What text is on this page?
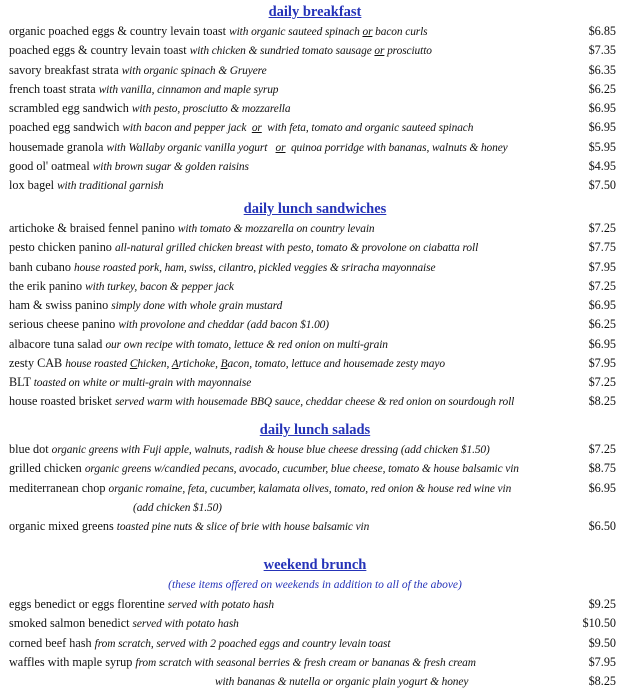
daily breakfast
organic poached eggs & country levain toast with organic sauteed spinach or bacon curls	$6.85
poached eggs & country levain toast with chicken & sundried tomato sausage or prosciutto	$7.35
savory breakfast strata with organic spinach & Gruyere	$6.35
french toast strata with vanilla, cinnamon and maple syrup	$6.25
scrambled egg sandwich with pesto, prosciutto & mozzarella	$6.95
poached egg sandwich with bacon and pepper jack  or  with feta, tomato and organic sauteed spinach	$6.95
housemade granola with Wallaby organic vanilla yogurt   or  quinoa porridge with bananas, walnuts & honey	$5.95
good ol' oatmeal with brown sugar & golden raisins	$4.95
lox bagel with traditional garnish	$7.50
daily lunch sandwiches
artichoke & braised fennel panino with tomato & mozzarella on country levain	$7.25
pesto chicken panino all-natural grilled chicken breast with pesto, tomato & provolone on ciabatta roll	$7.75
banh cubano house roasted pork, ham, swiss, cilantro, pickled veggies & sriracha mayonnaise	$7.95
the erik panino with turkey, bacon & pepper jack	$7.25
ham & swiss panino simply done with whole grain mustard	$6.95
serious cheese panino with provolone and cheddar (add bacon $1.00)	$6.25
albacore tuna salad our own recipe with tomato, lettuce & red onion on multi-grain	$6.95
zesty CAB house roasted Chicken, Artichoke, Bacon, tomato, lettuce and housemade zesty mayo	$7.95
BLT toasted on white or multi-grain with mayonnaise	$7.25
house roasted brisket served warm with housemade BBQ sauce, cheddar cheese & red onion on sourdough roll	$8.25
daily lunch salads
blue dot organic greens with Fuji apple, walnuts, radish & house blue cheese dressing (add chicken $1.50)	$7.25
grilled chicken organic greens w/candied pecans, avocado, cucumber, blue cheese, tomato & house balsamic vin	$8.75
mediterranean chop organic romaine, feta, cucumber, kalamata olives, tomato, red onion & house red wine vin	$6.95
(add chicken $1.50)
organic mixed greens toasted pine nuts & slice of brie with house balsamic vin	$6.50
weekend brunch
(these items offered on weekends in addition to all of the above)
eggs benedict or eggs florentine served with potato hash	$9.25
smoked salmon benedict served with potato hash	$10.50
corned beef hash from scratch, served with 2 poached eggs and country levain toast	$9.50
waffles with maple syrup from scratch with seasonal berries & fresh cream or bananas & fresh cream	$7.95
with bananas & nutella or organic plain yogurt & honey	$8.25
